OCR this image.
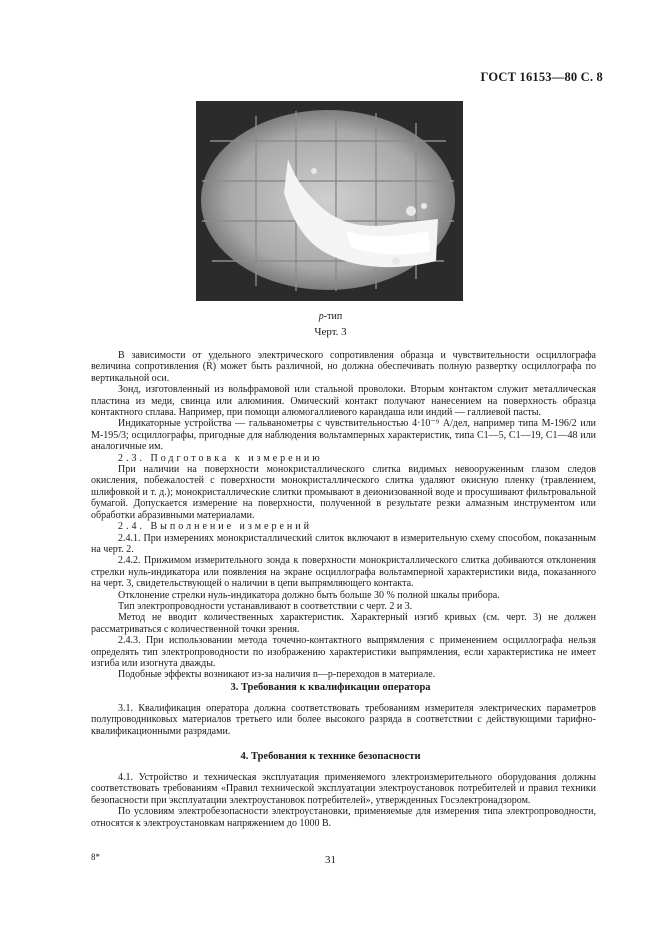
ГОСТ 16153—80 С. 8
p-тип
Черт. 3

В зависимости от удельного электрического сопротивления образца и чувствительности осциллографа величина сопротивления (R) может быть различной, но должна обеспечивать полную развертку осциллографа по вертикальной оси.

Зонд, изготовленный из вольфрамовой или стальной проволоки. Вторым контактом служит металлическая пластина из меди, свинца или алюминия. Омический контакт получают нанесением на поверхность образца контактного сплава. Например, при помощи алюмогаллиевого карандаша или индий — галлиевой пасты.

Индикаторные устройства — гальванометры с чувствительностью 4·10⁻⁹ А/дел, например типа М-196/2 или М-195/3; осциллографы, пригодные для наблюдения вольтамперных характеристик, типа С1—5, С1—19, С1—48 или аналогичные им.

2.3. Подготовка к измерению

При наличии на поверхности монокристаллического слитка видимых невооруженным глазом следов окисления, побежалостей с поверхности монокристаллического слитка удаляют окисную пленку (травлением, шлифовкой и т. д.); монокристаллические слитки промывают в деионизованной воде и просушивают фильтровальной бумагой. Допускается измерение на поверхности, полученной в результате резки алмазным инструментом или обработки абразивными материалами.

2.4. Выполнение измерений

2.4.1. При измерениях монокристаллический слиток включают в измерительную схему способом, показанным на черт. 2.

2.4.2. Прижимом измерительного зонда к поверхности монокристаллического слитка добиваются отклонения стрелки нуль-индикатора или появления на экране осциллографа вольтамперной характеристики вида, показанного на черт. 3, свидетельствующей о наличии в цепи выпрямляющего контакта.

Отклонение стрелки нуль-индикатора должно быть больше 30 % полной шкалы прибора.

Тип электропроводности устанавливают в соответствии с черт. 2 и 3.

Метод не вводит количественных характеристик. Характерный изгиб кривых (см. черт. 3) не должен рассматриваться с количественной точки зрения.

2.4.3. При использовании метода точечно-контактного выпрямления с применением осциллографа нельзя определять тип электропроводности по изображению характеристики выпрямления, если характеристика не имеет изгиба или изогнута дважды.

Подобные эффекты возникают из-за наличия n—p-переходов в материале.

3. Требования к квалификации оператора

3.1. Квалификация оператора должна соответствовать требованиям измерителя электрических параметров полупроводниковых материалов третьего или более высокого разряда в соответствии с действующими тарифно-квалификационными разрядами.

4. Требования к технике безопасности

4.1. Устройство и техническая эксплуатация применяемого электроизмерительного оборудования должны соответствовать требованиям «Правил технической эксплуатации электроустановок потребителей и правил техники безопасности при эксплуатации электроустановок потребителей», утвержденных Госэлектронадзором.

По условиям электробезопасности электроустановки, применяемые для измерения типа электропроводности, относятся к электроустановкам напряжением до 1000 В.

8*	31
